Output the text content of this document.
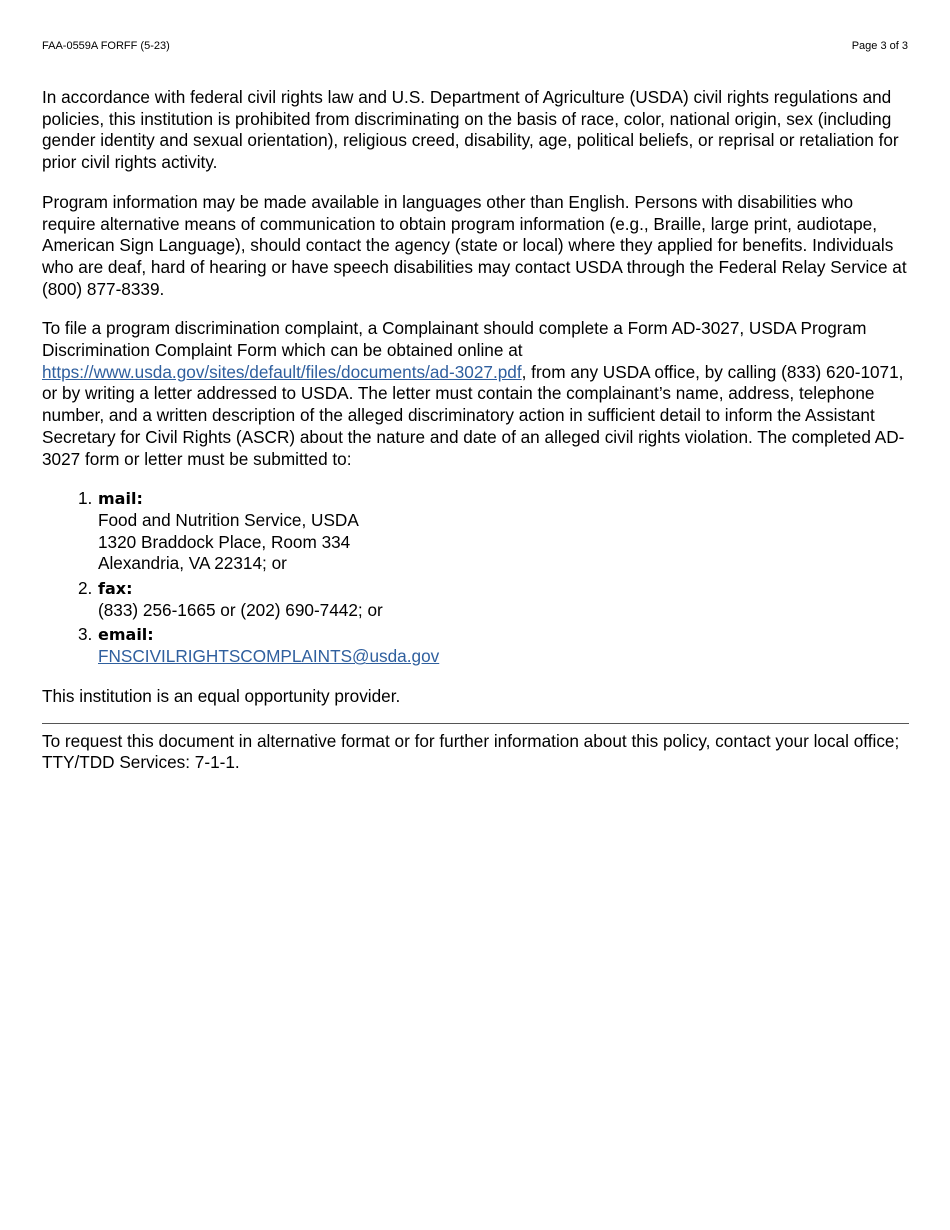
FAA-0559A FORFF (5-23)	Page 3 of 3

In accordance with federal civil rights law and U.S. Department of Agriculture (USDA) civil rights regulations and policies, this institution is prohibited from discriminating on the basis of race, color, national origin, sex (including gender identity and sexual orientation), religious creed, disability, age, political beliefs, or reprisal or retaliation for prior civil rights activity.

Program information may be made available in languages other than English. Persons with disabilities who require alternative means of communication to obtain program information (e.g., Braille, large print, audiotape, American Sign Language), should contact the agency (state or local) where they applied for benefits. Individuals who are deaf, hard of hearing or have speech disabilities may contact USDA through the Federal Relay Service at (800) 877-8339.

To file a program discrimination complaint, a Complainant should complete a Form AD-3027, USDA Program Discrimination Complaint Form which can be obtained online at https://www.usda.gov/sites/default/files/documents/ad-3027.pdf, from any USDA office, by calling (833) 620-1071, or by writing a letter addressed to USDA. The letter must contain the complainant’s name, address, telephone number, and a written description of the alleged discriminatory action in sufficient detail to inform the Assistant Secretary for Civil Rights (ASCR) about the nature and date of an alleged civil rights violation. The completed AD-3027 form or letter must be submitted to:

1. mail:
Food and Nutrition Service, USDA
1320 Braddock Place, Room 334
Alexandria, VA 22314; or
2. fax:
(833) 256-1665 or (202) 690-7442; or
3. email:
FNSCIVILRIGHTSCOMPLAINTS@usda.gov

This institution is an equal opportunity provider.

To request this document in alternative format or for further information about this policy, contact your local office; TTY/TDD Services: 7-1-1.
